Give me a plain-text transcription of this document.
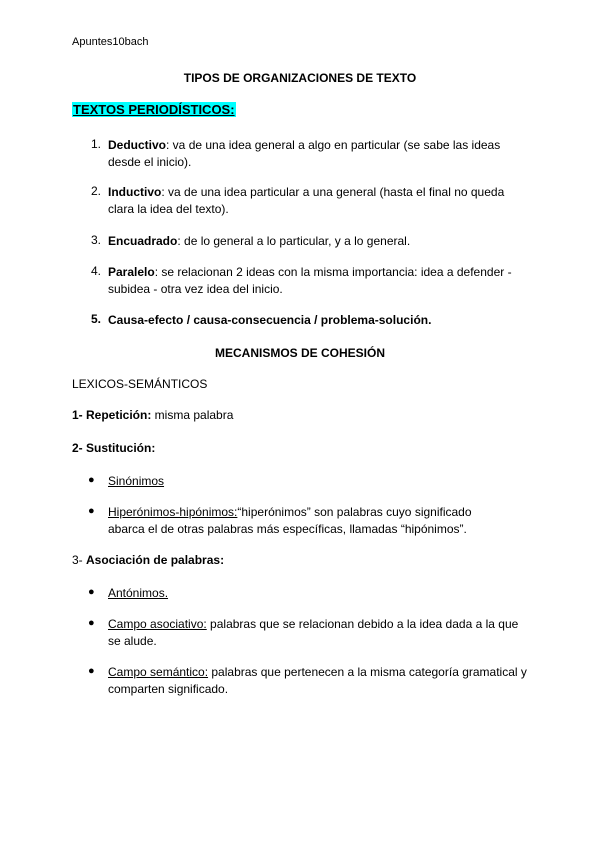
Apuntes10bach
TIPOS DE ORGANIZACIONES DE TEXTO
TEXTOS PERIODÍSTICOS:
1. Deductivo: va de una idea general a algo en particular (se sabe las ideas desde el inicio).
2. Inductivo: va de una idea particular a una general (hasta el final no queda clara la idea del texto).
3. Encuadrado: de lo general a lo particular, y a lo general.
4. Paralelo: se relacionan 2 ideas con la misma importancia: idea a defender - subidea - otra vez idea del inicio.
5. Causa-efecto / causa-consecuencia / problema-solución.
MECANISMOS DE COHESIÓN
LEXICOS-SEMÁNTICOS
1- Repetición: misma palabra
2- Sustitución:
● Sinónimos
● Hiperónimos-hipónimos:“hiperónimos” son palabras cuyo significado abarca el de otras palabras más específicas, llamadas “hipónimos”.
3- Asociación de palabras:
● Antónimos.
● Campo asociativo: palabras que se relacionan debido a la idea dada a la que se alude.
● Campo semántico: palabras que pertenecen a la misma categoría gramatical y comparten significado.
